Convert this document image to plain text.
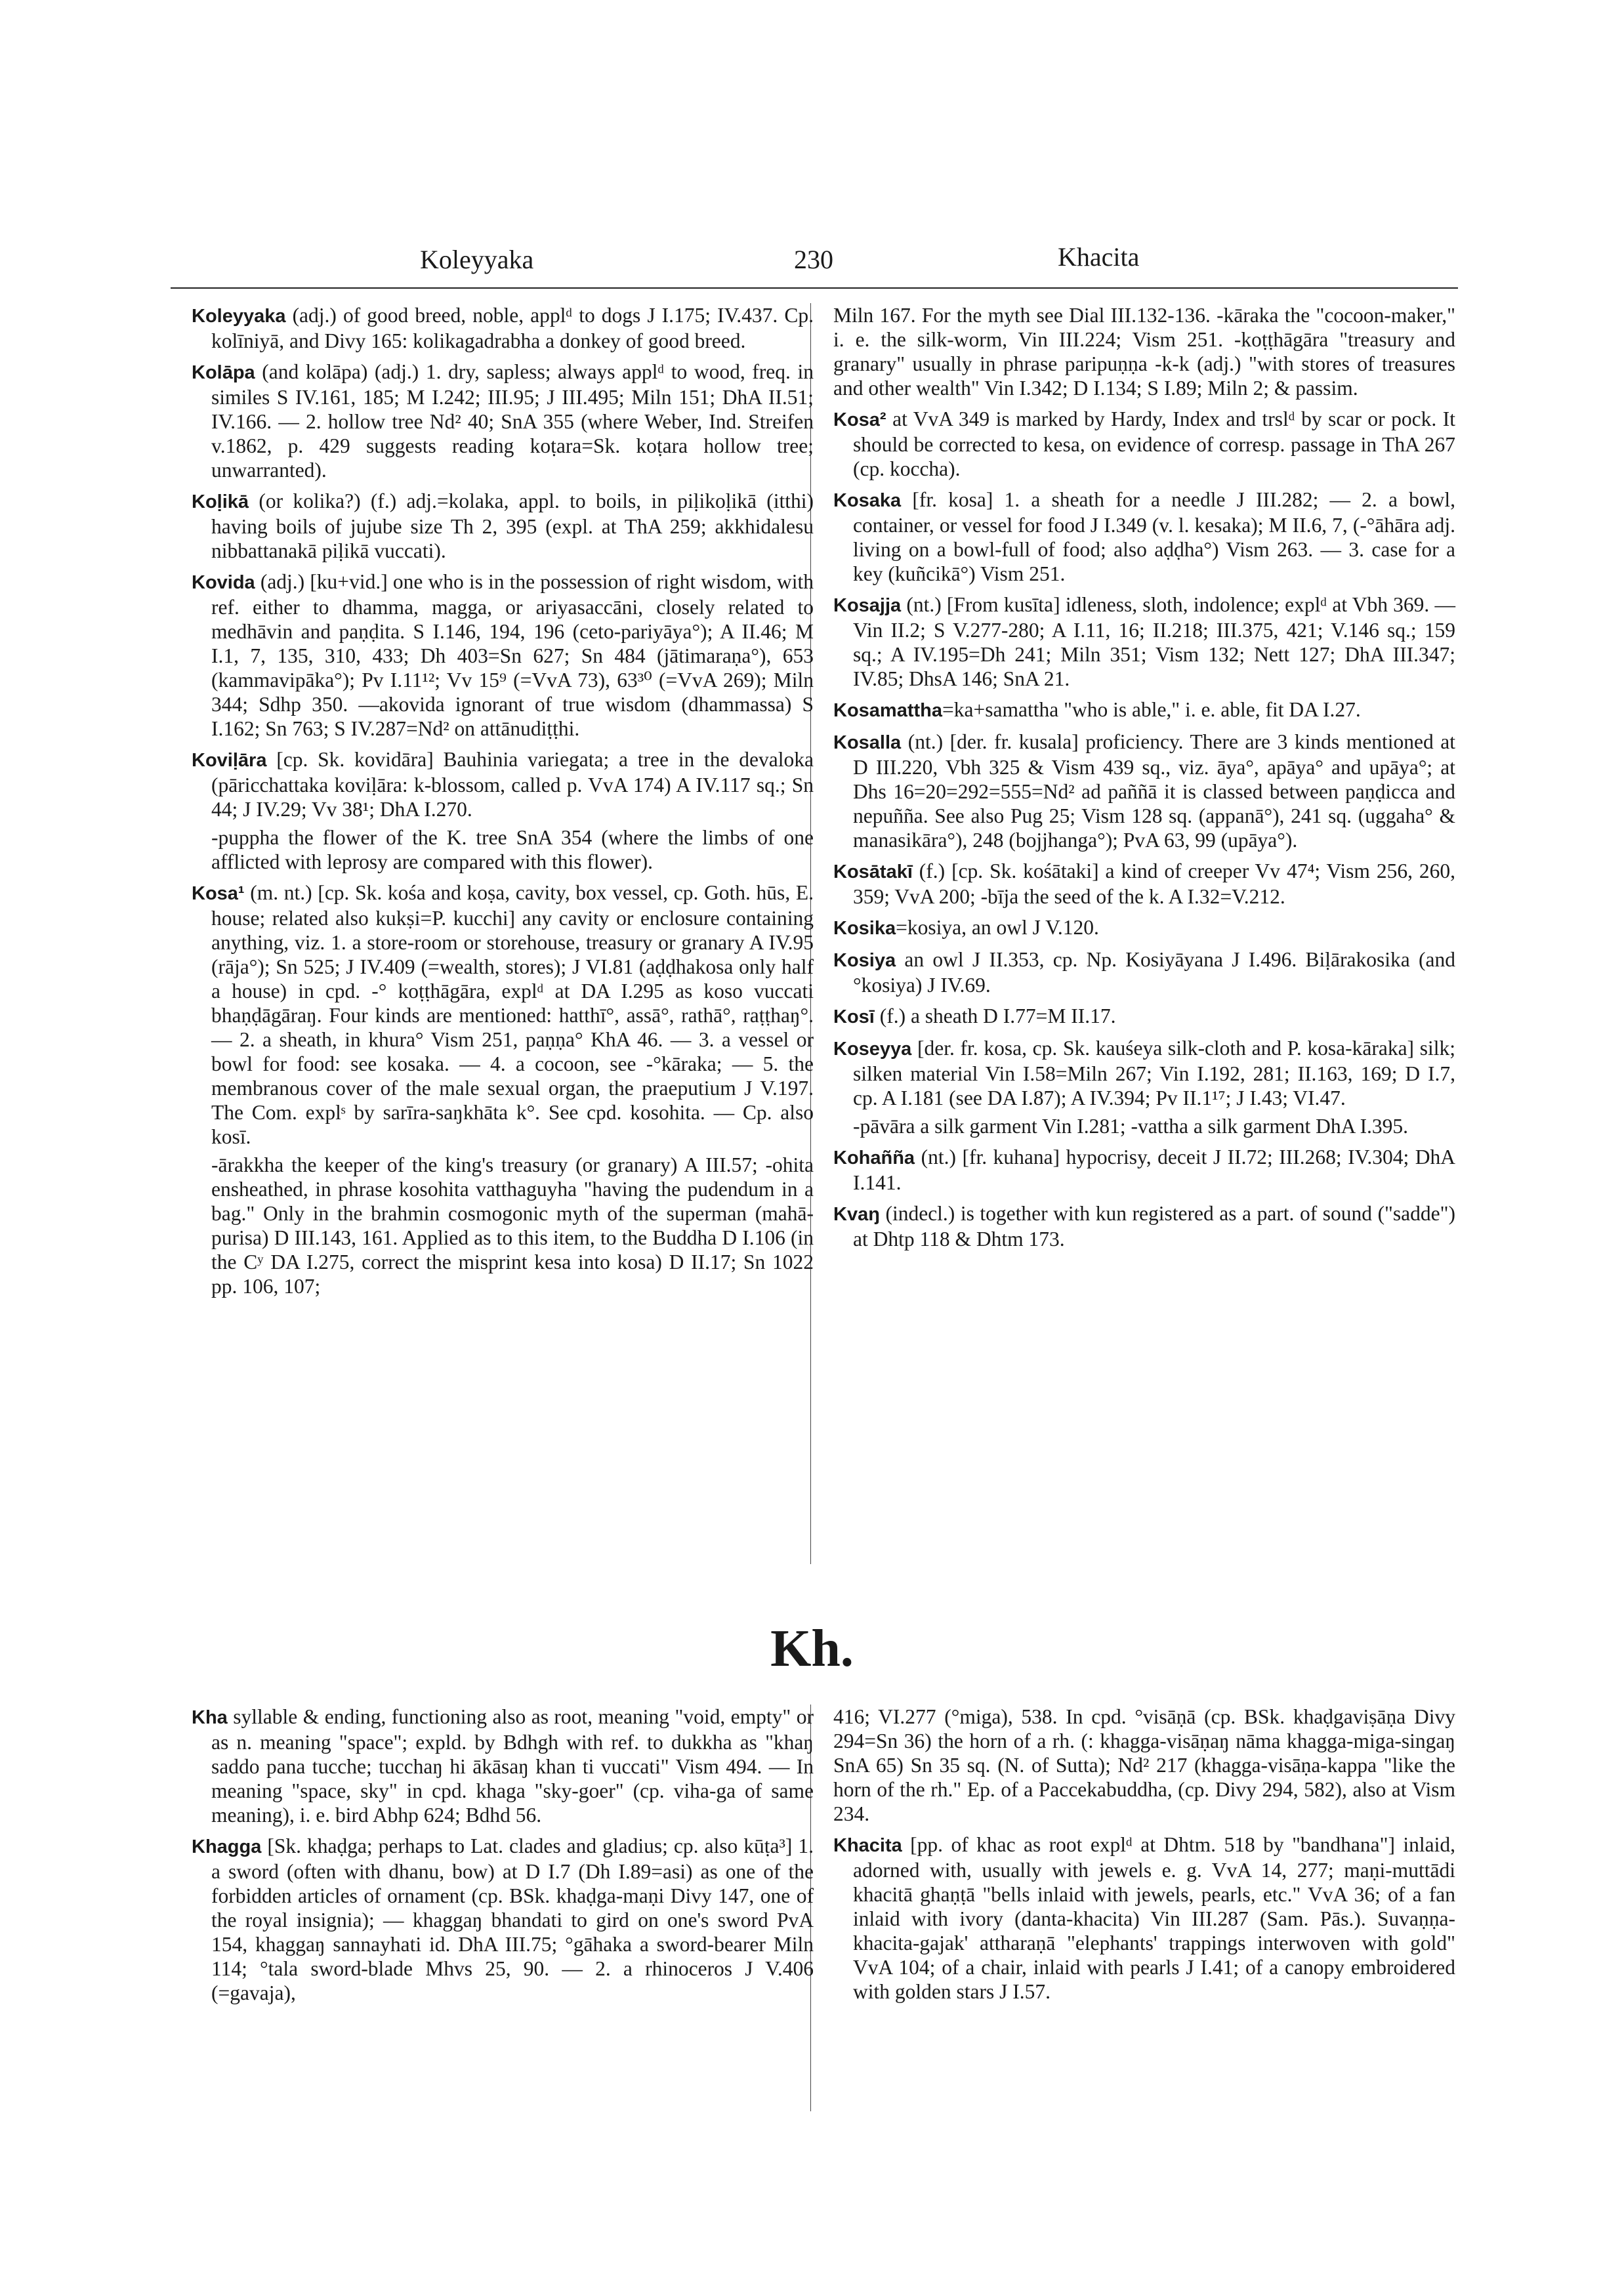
Koleyyaka	230	Khacita

Koleyyaka (adj.) of good breed, noble, applᵈ to dogs J I.175; IV.437. Cp. kolīniyā, and Divy 165: kolikagadrabha a donkey of good breed.

Kolāpa (and kolāpa) (adj.) 1. dry, sapless; always applᵈ to wood, freq. in similes S IV.161, 185; M I.242; III.95; J III.495; Miln 151; DhA II.51; IV.166. — 2. hollow tree Nd² 40; SnA 355 (where Weber, Ind. Streifen v.1862, p. 429 suggests reading koṭara=Sk. koṭara hollow tree; unwarranted).

Koḷikā (or kolika?) (f.) adj.=kolaka, appl. to boils, in piḷikoḷikā (itthi) having boils of jujube size Th 2, 395 (expl. at ThA 259; akkhidalesu nibbattanakā piḷikā vuccati).

Kovida (adj.) [ku+vid.] one who is in the possession of right wisdom, with ref. either to dhamma, magga, or ariyasaccāni, closely related to medhāvin and paṇḍita. S I.146, 194, 196 (ceto-pariyāya°); A II.46; M I.1, 7, 135, 310, 433; Dh 403=Sn 627; Sn 484 (jātimaraṇa°), 653 (kammavipāka°); Pv I.11¹²; Vv 15⁹ (=VvA 73), 63³⁰ (=VvA 269); Miln 344; Sdhp 350. —akovida ignorant of true wisdom (dhammassa) S I.162; Sn 763; S IV.287=Nd² on attānudiṭṭhi.

Koviḷāra [cp. Sk. kovidāra] Bauhinia variegata; a tree in the devaloka (pāricchattaka koviḷāra: k-blossom, called p. VvA 174) A IV.117 sq.; Sn 44; J IV.29; Vv 38¹; DhA I.270.

-puppha the flower of the K. tree SnA 354 (where the limbs of one afflicted with leprosy are compared with this flower).

Kosa¹ (m. nt.) [cp. Sk. kośa and koṣa, cavity, box vessel, cp. Goth. hūs, E. house; related also kukṣi=P. kucchi] any cavity or enclosure containing anything, viz. 1. a store-room or storehouse, treasury or granary A IV.95 (rāja°); Sn 525; J IV.409 (=wealth, stores); J VI.81 (aḍḍhakosa only half a house) in cpd. -° koṭṭhāgāra, explᵈ at DA I.295 as koso vuccati bhaṇḍāgāraŋ. Four kinds are mentioned: hatthī°, assā°, rathā°, raṭṭhaŋ°. — 2. a sheath, in khura° Vism 251, paṇṇa° KhA 46. — 3. a vessel or bowl for food: see kosaka. — 4. a cocoon, see -°kāraka; — 5. the membranous cover of the male sexual organ, the praeputium J V.197. The Com. explˢ by sarīra-saŋkhāta k°. See cpd. kosohita. — Cp. also kosī.

-ārakkha the keeper of the king's treasury (or granary) A III.57; -ohita ensheathed, in phrase kosohita vatthaguyha "having the pudendum in a bag." Only in the brahmin cosmogonic myth of the superman (mahā-purisa) D III.143, 161. Applied as to this item, to the Buddha D I.106 (in the Cʸ DA I.275, correct the misprint kesa into kosa) D II.17; Sn 1022 pp. 106, 107;

Miln 167. For the myth see Dial III.132-136. -kāraka the "cocoon-maker," i. e. the silk-worm, Vin III.224; Vism 251. -koṭṭhāgāra "treasury and granary" usually in phrase paripuṇṇa -k-k (adj.) "with stores of treasures and other wealth" Vin I.342; D I.134; S I.89; Miln 2; & passim.

Kosa² at VvA 349 is marked by Hardy, Index and trslᵈ by scar or pock. It should be corrected to kesa, on evidence of corresp. passage in ThA 267 (cp. koccha).

Kosaka [fr. kosa] 1. a sheath for a needle J III.282; — 2. a bowl, container, or vessel for food J I.349 (v. l. kesaka); M II.6, 7, (-°āhāra adj. living on a bowl-full of food; also aḍḍha°) Vism 263. — 3. case for a key (kuñcikā°) Vism 251.

Kosajja (nt.) [From kusīta] idleness, sloth, indolence; explᵈ at Vbh 369. — Vin II.2; S V.277-280; A I.11, 16; II.218; III.375, 421; V.146 sq.; 159 sq.; A IV.195=Dh 241; Miln 351; Vism 132; Nett 127; DhA III.347; IV.85; DhsA 146; SnA 21.

Kosamattha=ka+samattha "who is able," i. e. able, fit DA I.27.

Kosalla (nt.) [der. fr. kusala] proficiency. There are 3 kinds mentioned at D III.220, Vbh 325 & Vism 439 sq., viz. āya°, apāya° and upāya°; at Dhs 16=20=292=555=Nd² ad paññā it is classed between paṇḍicca and nepuñña. See also Pug 25; Vism 128 sq. (appanā°), 241 sq. (uggaha° & manasikāra°), 248 (bojjhanga°); PvA 63, 99 (upāya°).

Kosātakī (f.) [cp. Sk. kośātaki] a kind of creeper Vv 47⁴; Vism 256, 260, 359; VvA 200; -bīja the seed of the k. A I.32=V.212.

Kosika=kosiya, an owl J V.120.

Kosiya an owl J II.353, cp. Np. Kosiyāyana J I.496. Biḷārakosika (and °kosiya) J IV.69.

Kosī (f.) a sheath D I.77=M II.17.

Koseyya [der. fr. kosa, cp. Sk. kauśeya silk-cloth and P. kosa-kāraka] silk; silken material Vin I.58=Miln 267; Vin I.192, 281; II.163, 169; D I.7, cp. A I.181 (see DA I.87); A IV.394; Pv II.1¹⁷; J I.43; VI.47.

-pāvāra a silk garment Vin I.281; -vattha a silk garment DhA I.395.

Kohañña (nt.) [fr. kuhana] hypocrisy, deceit J II.72; III.268; IV.304; DhA I.141.

Kvaŋ (indecl.) is together with kun registered as a part. of sound ("sadde") at Dhtp 118 & Dhtm 173.

Kh.

Kha syllable & ending, functioning also as root, meaning "void, empty" or as n. meaning "space"; expld. by Bdhgh with ref. to dukkha as "khaŋ saddo pana tucche; tucchaŋ hi ākāsaŋ khan ti vuccati" Vism 494. — In meaning "space, sky" in cpd. khaga "sky-goer" (cp. viha-ga of same meaning), i. e. bird Abhp 624; Bdhd 56.

Khagga [Sk. khaḍga; perhaps to Lat. clades and gladius; cp. also kūṭa³] 1. a sword (often with dhanu, bow) at D I.7 (Dh I.89=asi) as one of the forbidden articles of ornament (cp. BSk. khaḍga-maṇi Divy 147, one of the royal insignia); — khaggaŋ bhandati to gird on one's sword PvA 154, khaggaŋ sannayhati id. DhA III.75; °gāhaka a sword-bearer Miln 114; °tala sword-blade Mhvs 25, 90. — 2. a rhinoceros J V.406 (=gavaja),

416; VI.277 (°miga), 538. In cpd. °visāṇā (cp. BSk. khaḍgaviṣāṇa Divy 294=Sn 36) the horn of a rh. (: khagga-visāṇaŋ nāma khagga-miga-singaŋ SnA 65) Sn 35 sq. (N. of Sutta); Nd² 217 (khagga-visāṇa-kappa "like the horn of the rh." Ep. of a Paccekabuddha, (cp. Divy 294, 582), also at Vism 234.

Khacita [pp. of khac as root explᵈ at Dhtm. 518 by "bandhana"] inlaid, adorned with, usually with jewels e. g. VvA 14, 277; maṇi-muttādi khacitā ghaṇṭā "bells inlaid with jewels, pearls, etc." VvA 36; of a fan inlaid with ivory (danta-khacita) Vin III.287 (Sam. Pās.). Suvaṇṇa-khacita-gajak' attharaṇā "elephants' trappings interwoven with gold" VvA 104; of a chair, inlaid with pearls J I.41; of a canopy embroidered with golden stars J I.57.
